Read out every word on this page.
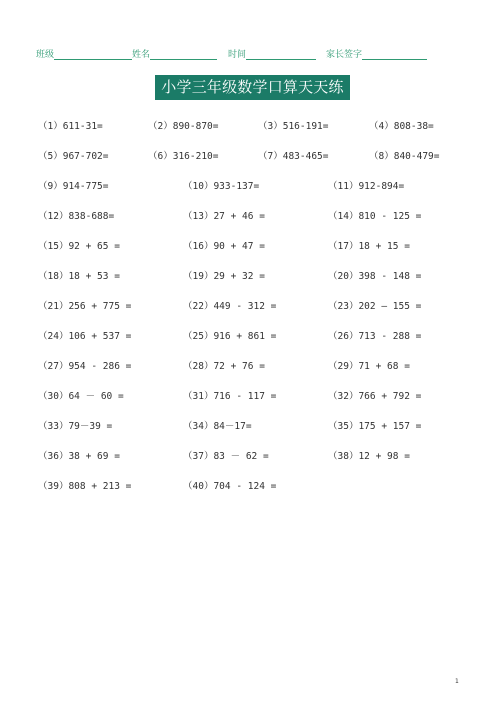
班级	姓名	时间	家长签字
小学三年级数学口算天天练
（1）611-31=	（2）890-870=	（3）516-191=	（4）808-38=
（5）967-702=	（6）316-210=	（7）483-465=	（8）840-479=
（9）914-775=	（10）933-137=	（11）912-894=
（12）838-688=	（13）27 + 46 =	（14）810 - 125 =
（15）92 + 65 =	（16）90 + 47 =	（17）18 + 15 =
（18）18 + 53 =	（19）29 + 32 =	（20）398 - 148 =
（21）256 + 775 =	（22）449 - 312 =	（23）202 – 155 =
（24）106 + 537 =	（25）916 + 861 =	（26）713 - 288 =
（27）954 - 286 =	（28）72 + 76 =	（29）71 + 68 =
（30）64 － 60 =	（31）716 - 117 =	（32）766 + 792 =
（33）79－39 =	（34）84－17=	（35）175 + 157 =
（36）38 + 69 =	（37）83 － 62 =	（38）12 + 98 =
（39）808 + 213 =	（40）704 - 124 =
1
